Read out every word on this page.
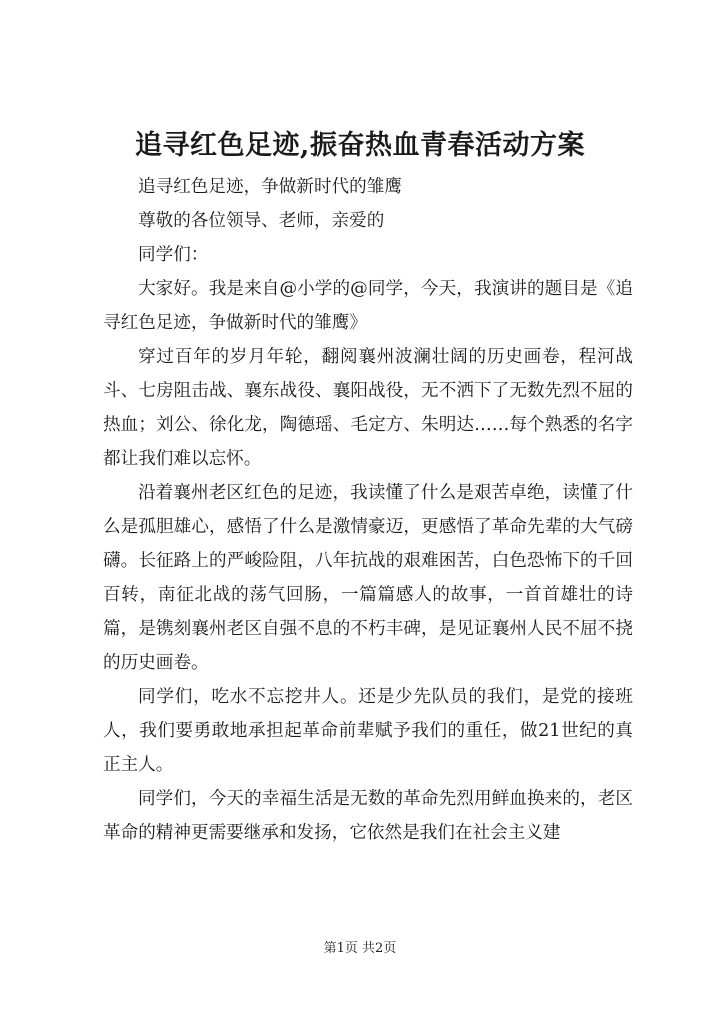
追寻红色足迹,振奋热血青春活动方案

追寻红色足迹，争做新时代的雏鹰

尊敬的各位领导、老师，亲爱的

同学们：

大家好。我是来自@小学的@同学，今天，我演讲的题目是《追寻红色足迹，争做新时代的雏鹰》

穿过百年的岁月年轮，翻阅襄州波澜壮阔的历史画卷，程河战斗、七房阻击战、襄东战役、襄阳战役，无不洒下了无数先烈不屈的热血；刘公、徐化龙，陶德瑶、毛定方、朱明达……每个熟悉的名字都让我们难以忘怀。

沿着襄州老区红色的足迹，我读懂了什么是艰苦卓绝，读懂了什么是孤胆雄心，感悟了什么是激情豪迈，更感悟了革命先辈的大气磅礴。长征路上的严峻险阻，八年抗战的艰难困苦，白色恐怖下的千回百转，南征北战的荡气回肠，一篇篇感人的故事，一首首雄壮的诗篇，是镌刻襄州老区自强不息的不朽丰碑，是见证襄州人民不屈不挠的历史画卷。

同学们，吃水不忘挖井人。还是少先队员的我们，是党的接班人，我们要勇敢地承担起革命前辈赋予我们的重任，做21世纪的真正主人。

同学们，今天的幸福生活是无数的革命先烈用鲜血换来的，老区革命的精神更需要继承和发扬，它依然是我们在社会主义建

第1页 共2页
